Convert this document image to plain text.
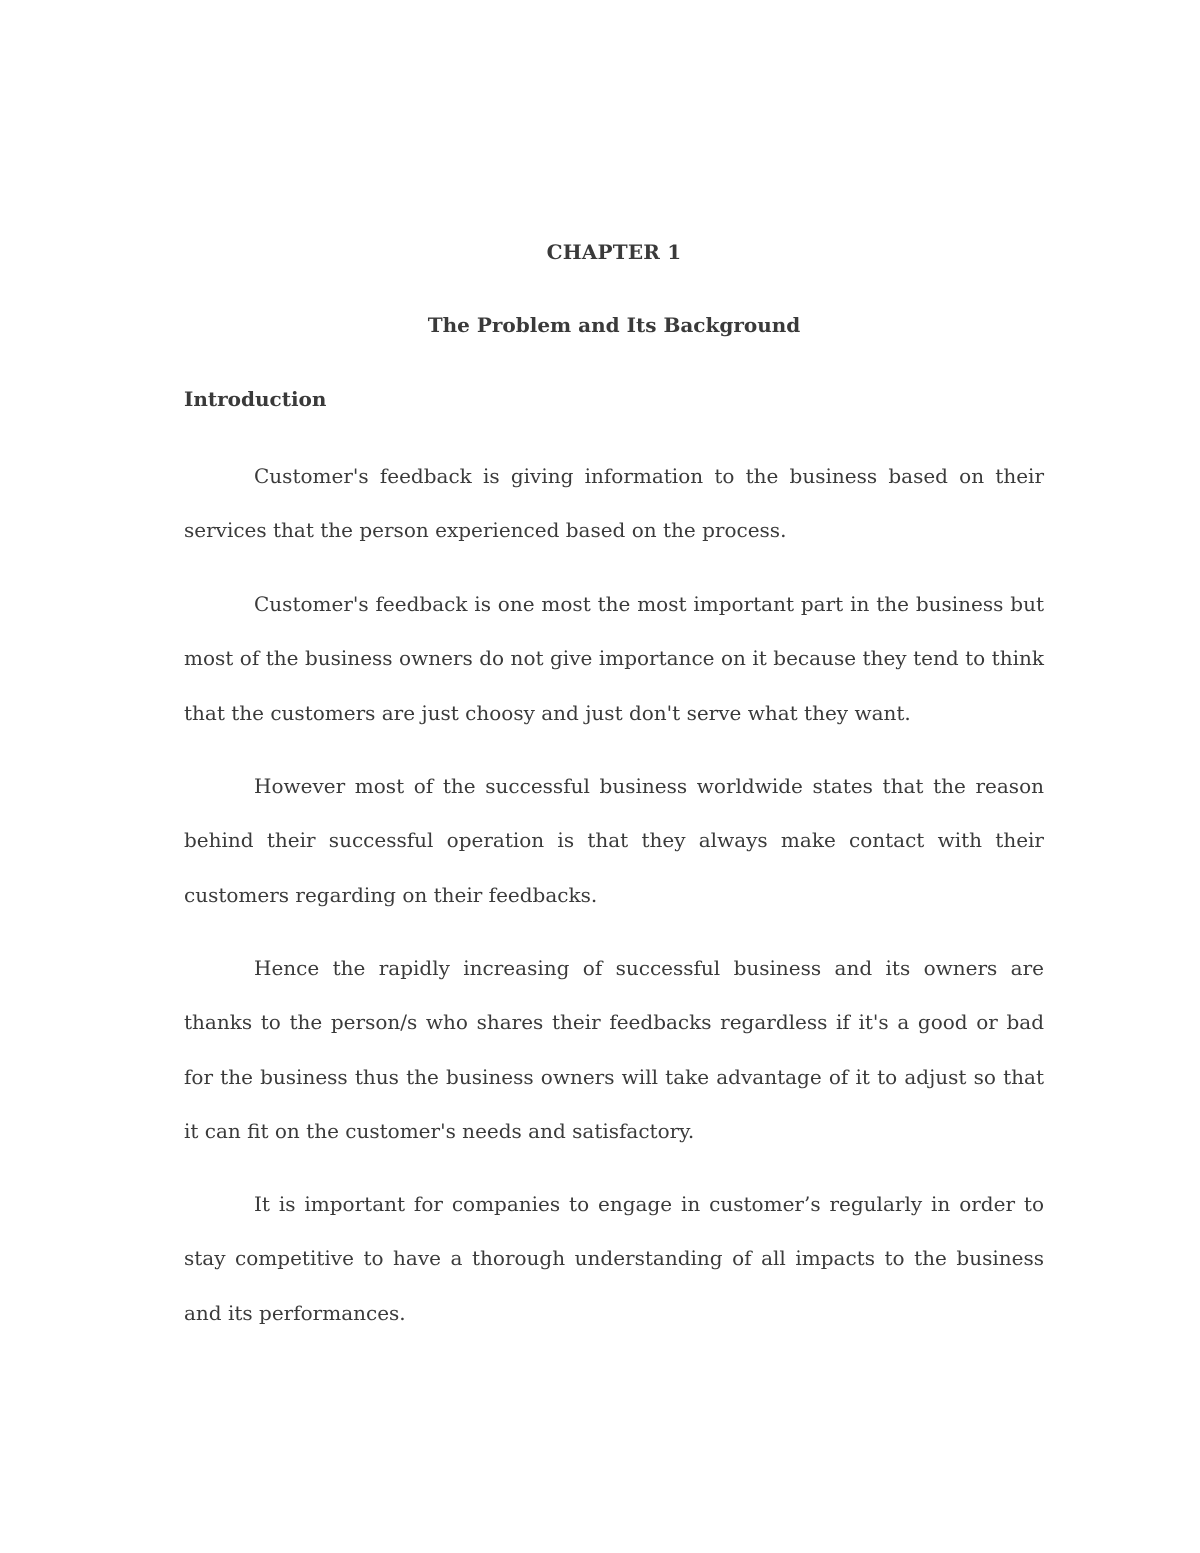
CHAPTER 1
The Problem and Its Background
Introduction

Customer's feedback is giving information to the business based on their services that the person experienced based on the process.

Customer's feedback is one most the most important part in the business but most of the business owners do not give importance on it because they tend to think that the customers are just choosy and just don't serve what they want.

However most of the successful business worldwide states that the reason behind their successful operation is that they always make contact with their customers regarding on their feedbacks.

Hence the rapidly increasing of successful business and its owners are thanks to the person/s who shares their feedbacks regardless if it's a good or bad for the business thus the business owners will take advantage of it to adjust so that it can fit on the customer's needs and satisfactory.

It is important for companies to engage in customer’s regularly in order to stay competitive to have a thorough understanding of all impacts to the business and its performances.
